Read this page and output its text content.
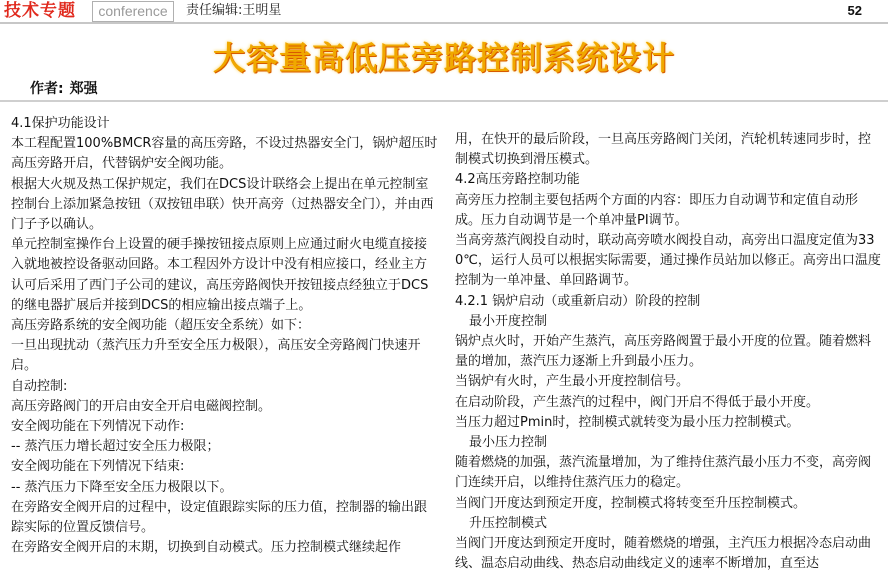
技术专题	conference	责任编辑:王明星	52
大容量高低压旁路控制系统设计
作者: 郑强

4.1保护功能设计

本工程配置100%BMCR容量的高压旁路，不设过热器安全门，锅炉超压时高压旁路开启，代替锅炉安全阀功能。

根据大火规及热工保护规定，我们在DCS设计联络会上提出在单元控制室控制台上添加紧急按钮（双按钮串联）快开高旁（过热器安全门），并由西门子予以确认。

单元控制室操作台上设置的硬手操按钮接点原则上应通过耐火电缆直接接入就地被控设备驱动回路。本工程因外方设计中没有相应接口，经业主方认可后采用了西门子公司的建议，高压旁路阀快开按钮接点经独立于DCS的继电器扩展后并接到DCS的相应输出接点端子上。

高压旁路系统的安全阀功能（超压安全系统）如下：

一旦出现扰动（蒸汽压力升至安全压力极限），高压安全旁路阀门快速开启。

自动控制:

高压旁路阀门的开启由安全开启电磁阀控制。

安全阀功能在下列情况下动作:

-- 蒸汽压力增长超过安全压力极限；

安全阀功能在下列情况下结束:

-- 蒸汽压力下降至安全压力极限以下。

在旁路安全阀开启的过程中，设定值跟踪实际的压力值，控制器的输出跟踪实际的位置反馈信号。

在旁路安全阀开启的末期，切换到自动模式。压力控制模式继续起作

用，在快开的最后阶段，一旦高压旁路阀门关闭，汽轮机转速同步时，控制模式切换到滑压模式。

4.2高压旁路控制功能

高旁压力控制主要包括两个方面的内容：即压力自动调节和定值自动形成。压力自动调节是一个单冲量PI调节。

当高旁蒸汽阀投自动时，联动高旁喷水阀投自动，高旁出口温度定值为330℃，运行人员可以根据实际需要，通过操作员站加以修正。高旁出口温度控制为一单冲量、单回路调节。

4.2.1 锅炉启动（或重新启动）阶段的控制

最小开度控制

锅炉点火时，开始产生蒸汽，高压旁路阀置于最小开度的位置。随着燃料量的增加，蒸汽压力逐渐上升到最小压力。

当锅炉有火时，产生最小开度控制信号。

在启动阶段，产生蒸汽的过程中，阀门开启不得低于最小开度。

当压力超过Pmin时，控制模式就转变为最小压力控制模式。

最小压力控制

随着燃烧的加强，蒸汽流量增加，为了维持住蒸汽最小压力不变，高旁阀门连续开启，以维持住蒸汽压力的稳定。

当阀门开度达到预定开度，控制模式将转变至升压控制模式。

升压控制模式

当阀门开度达到预定开度时，随着燃烧的增强，主汽压力根据冷态启动曲线、温态启动曲线、热态启动曲线定义的速率不断增加，直至达
